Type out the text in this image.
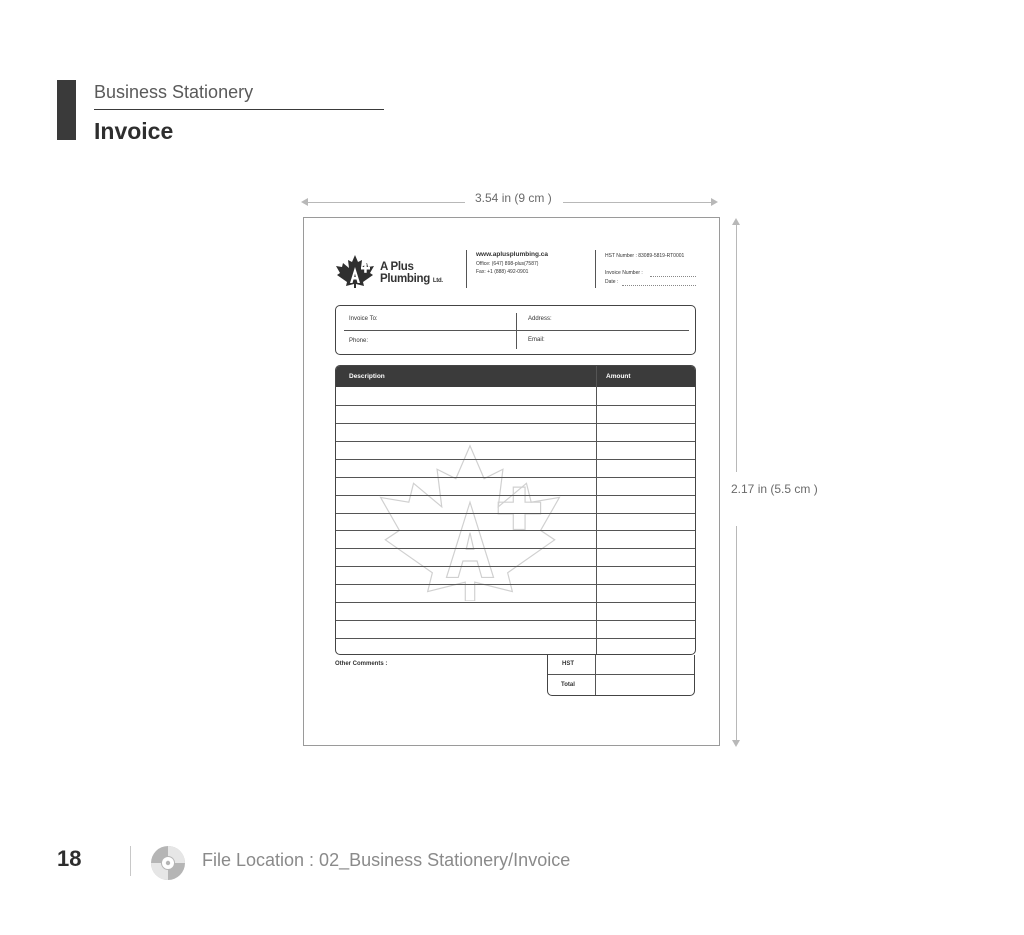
Business Stationery
Invoice
3.54 in (9 cm )
2.17 in (5.5 cm )
A Plus
Plumbing Ltd.
www.aplusplumbing.ca
Office: (647) 898-plus(7587)
Fax: +1 (888) 492-0901
HST Number : 83089-5819-RT0001
Invoice Number :
Date :
Invoice To:	Address:
Phone:	Email:
Description	Amount
Other Comments :	HST
Total
18	File Location : 02_Business Stationery/Invoice
